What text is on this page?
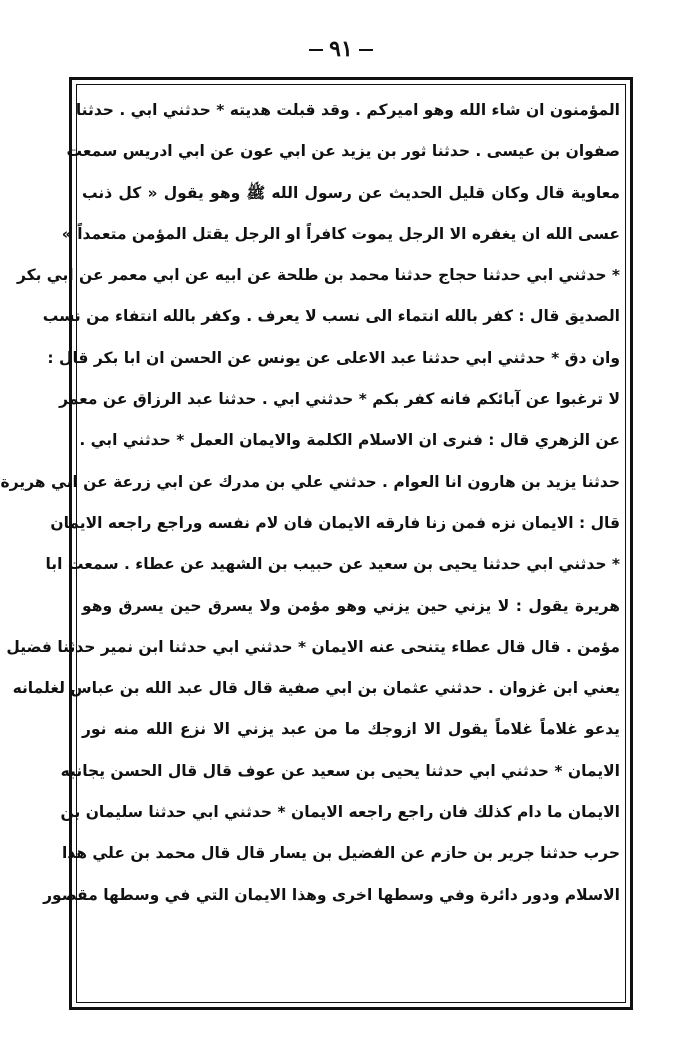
٩١
المؤمنون ان شاء الله وهو اميركم . وقد قبلت هديته * حدثني ابي . حدثنا
صفوان بن عيسى . حدثنا ثور بن يزيد عن ابي عون عن ابي ادريس سمعت
معاوية قال وكان قليل الحديث عن رسول الله ﷺ وهو يقول « كل ذنب
عسى الله ان يغفره الا الرجل يموت كافراً او الرجل يقتل المؤمن متعمداً »
* حدثني ابي حدثنا حجاج حدثنا محمد بن طلحة عن ابيه عن ابي معمر عن ابي بكر
الصديق قال : كفر بالله انتماء الى نسب لا يعرف . وكفر بالله انتفاء من نسب
وان دق * حدثني ابي حدثنا عبد الاعلى عن يونس عن الحسن ان ابا بكر قال :
لا ترغبوا عن آبائكم فانه كفر بكم * حدثني ابي . حدثنا عبد الرزاق عن معمر
عن الزهري قال : فنرى ان الاسلام الكلمة والايمان العمل * حدثني ابي .
حدثنا يزيد بن هارون انا العوام . حدثني علي بن مدرك عن ابي زرعة عن ابي هريرة
قال : الايمان نزه فمن زنا فارقه الايمان فان لام نفسه وراجع راجعه الايمان
* حدثني ابي حدثنا يحيى بن سعيد عن حبيب بن الشهيد عن عطاء . سمعت ابا
هريرة يقول : لا يزني حين يزني وهو مؤمن ولا يسرق حين يسرق وهو
مؤمن . قال قال عطاء يتنحى عنه الايمان * حدثني ابي حدثنا ابن نمير حدثنا فضيل
يعني ابن غزوان . حدثني عثمان بن ابي صفية قال قال عبد الله بن عباس لغلمانه
يدعو غلاماً غلاماً يقول الا ازوجك ما من عبد يزني الا نزع الله منه نور
الايمان * حدثني ابي حدثنا يحيى بن سعيد عن عوف قال قال الحسن يجانبه
الايمان ما دام كذلك فان راجع راجعه الايمان * حدثني ابي حدثنا سليمان بن
حرب حدثنا جرير بن حازم عن الفضيل بن يسار قال قال محمد بن علي هذا
الاسلام ودور دائرة وفي وسطها اخرى وهذا الايمان التي في وسطها مقصور
